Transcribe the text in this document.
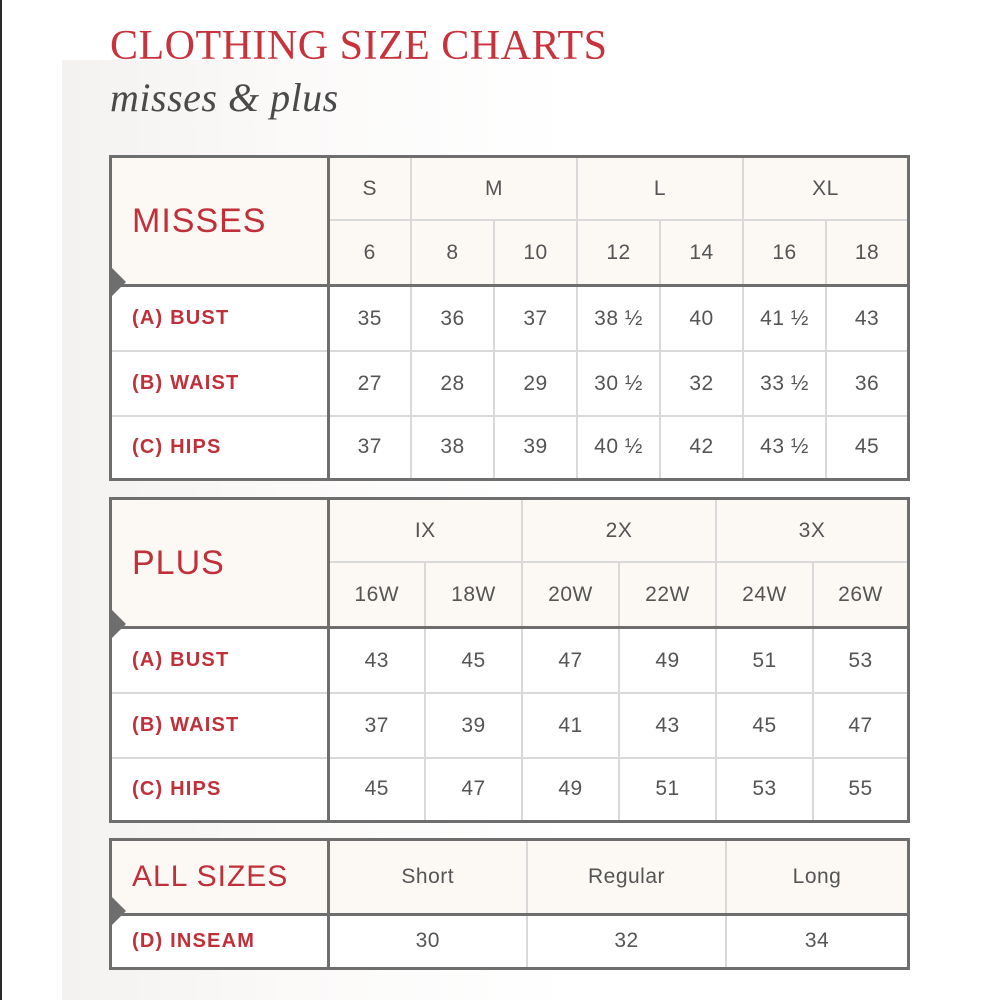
CLOTHING SIZE CHARTS
misses & plus
MISSES	S	M		L		XL	
	6	8	10	12	14	16	18
(A) BUST	35	36	37	38 ½	40	41 ½	43
(B) WAIST	27	28	29	30 ½	32	33 ½	36
(C) HIPS	37	38	39	40 ½	42	43 ½	45
PLUS	IX		2X		3X	
	16W	18W	20W	22W	24W	26W
(A) BUST	43	45	47	49	51	53
(B) WAIST	37	39	41	43	45	47
(C) HIPS	45	47	49	51	53	55
ALL SIZES	Short	Regular	Long
(D) INSEAM	30	32	34
